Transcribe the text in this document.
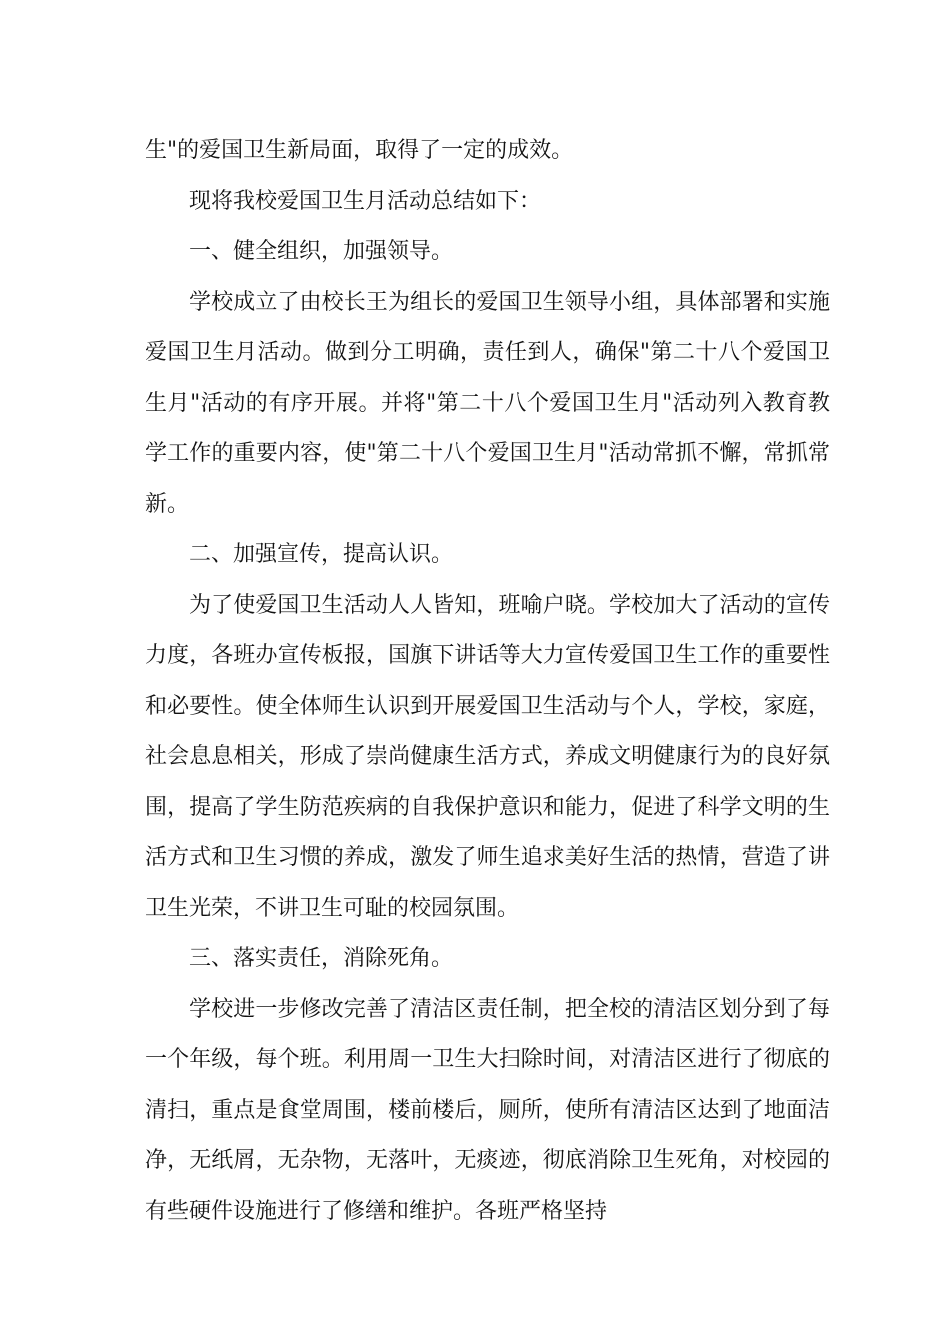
生"的爱国卫生新局面，取得了一定的成效。

现将我校爱国卫生月活动总结如下：

一、健全组织，加强领导。

学校成立了由校长王为组长的爱国卫生领导小组，具体部署和实施爱国卫生月活动。做到分工明确，责任到人，确保"第二十八个爱国卫生月"活动的有序开展。并将"第二十八个爱国卫生月"活动列入教育教学工作的重要内容，使"第二十八个爱国卫生月"活动常抓不懈，常抓常新。

二、加强宣传，提高认识。

为了使爱国卫生活动人人皆知，班喻户晓。学校加大了活动的宣传力度，各班办宣传板报，国旗下讲话等大力宣传爱国卫生工作的重要性和必要性。使全体师生认识到开展爱国卫生活动与个人，学校，家庭，社会息息相关，形成了崇尚健康生活方式，养成文明健康行为的良好氛围，提高了学生防范疾病的自我保护意识和能力，促进了科学文明的生活方式和卫生习惯的养成，激发了师生追求美好生活的热情，营造了讲卫生光荣，不讲卫生可耻的校园氛围。

三、落实责任，消除死角。

学校进一步修改完善了清洁区责任制，把全校的清洁区划分到了每一个年级，每个班。利用周一卫生大扫除时间，对清洁区进行了彻底的清扫，重点是食堂周围，楼前楼后，厕所，使所有清洁区达到了地面洁净，无纸屑，无杂物，无落叶，无痰迹，彻底消除卫生死角，对校园的有些硬件设施进行了修缮和维护。各班严格坚持
